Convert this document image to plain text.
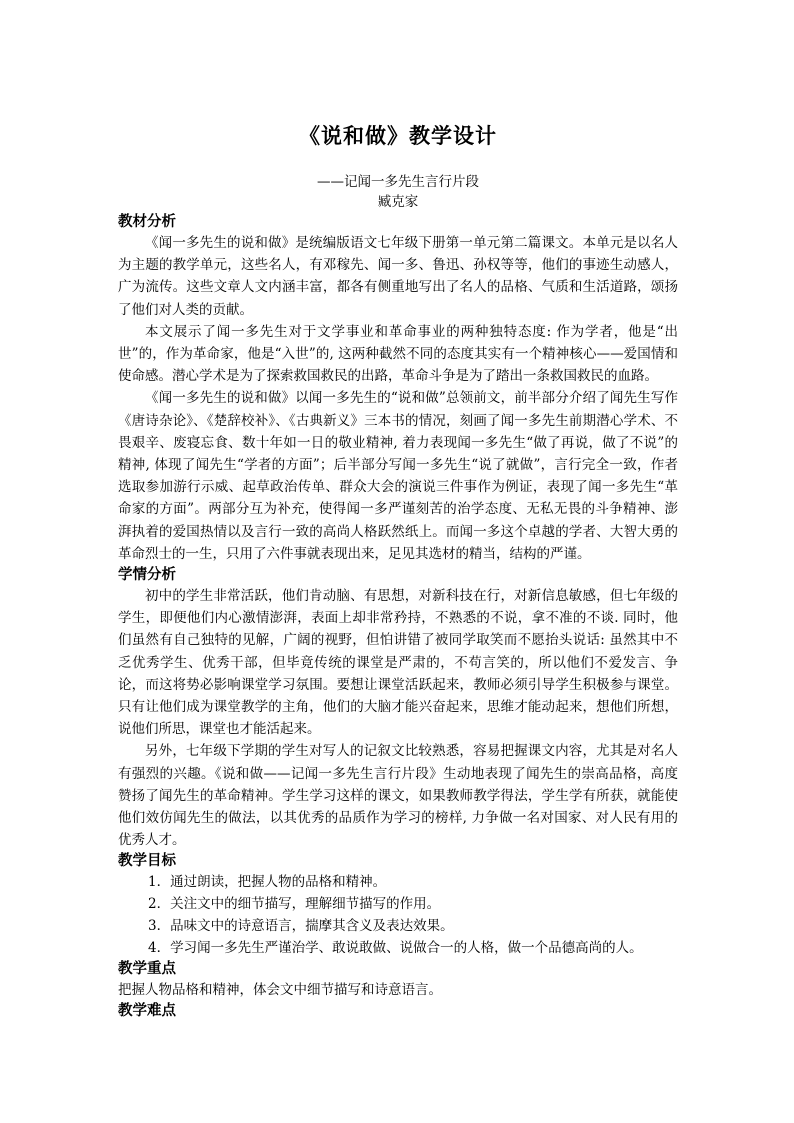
《说和做》教学设计
——记闻一多先生言行片段
臧克家
教材分析

《闻一多先生的说和做》是统编版语文七年级下册第一单元第二篇课文。本单元是以名人为主题的教学单元，这些名人，有邓稼先、闻一多、鲁迅、孙权等等，他们的事迹生动感人，广为流传。这些文章人文内涵丰富，都各有侧重地写出了名人的品格、气质和生活道路，颂扬了他们对人类的贡献。

本文展示了闻一多先生对于文学事业和革命事业的两种独特态度: 作为学者，他是“出世”的，作为革命家，他是“入世”的, 这两种截然不同的态度其实有一个精神核心——爱国情和使命感。潜心学术是为了探索救国救民的出路，革命斗争是为了踏出一条救国救民的血路。

《闻一多先生的说和做》以闻一多先生的“说和做”总领前文，前半部分介绍了闻先生写作《唐诗杂论》、《楚辞校补》、《古典新义》三本书的情况，刻画了闻一多先生前期潜心学术、不畏艰辛、废寝忘食、数十年如一日的敬业精神, 着力表现闻一多先生“做了再说，做了不说”的精神, 体现了闻先生“学者的方面”；后半部分写闻一多先生“说了就做”，言行完全一致，作者选取参加游行示威、起草政治传单、群众大会的演说三件事作为例证，表现了闻一多先生“革命家的方面”。两部分互为补充，使得闻一多严谨刻苦的治学态度、无私无畏的斗争精神、澎湃执着的爱国热情以及言行一致的高尚人格跃然纸上。而闻一多这个卓越的学者、大智大勇的革命烈士的一生，只用了六件事就表现出来，足见其选材的精当，结构的严谨。

学情分析

初中的学生非常活跃，他们肯动脑、有思想，对新科技在行，对新信息敏感，但七年级的学生，即便他们内心激情澎湃，表面上却非常矜持，不熟悉的不说，拿不准的不谈. 同时，他们虽然有自己独特的见解，广阔的视野，但怕讲错了被同学取笑而不愿抬头说话: 虽然其中不乏优秀学生、优秀干部，但毕竟传统的课堂是严肃的，不苟言笑的，所以他们不爱发言、争论，而这将势必影响课堂学习氛围。要想让课堂活跃起来，教师必须引导学生积极参与课堂。只有让他们成为课堂教学的主角，他们的大脑才能兴奋起来，思维才能动起来，想他们所想，说他们所思，课堂也才能活起来。

另外，七年级下学期的学生对写人的记叙文比较熟悉，容易把握课文内容，尤其是对名人有强烈的兴趣。《说和做——记闻一多先生言行片段》生动地表现了闻先生的崇高品格，高度赞扬了闻先生的革命精神。学生学习这样的课文，如果教师教学得法，学生学有所获，就能使他们效仿闻先生的做法，以其优秀的品质作为学习的榜样, 力争做一名对国家、对人民有用的优秀人才。

教学目标

1．通过朗读，把握人物的品格和精神。

2．关注文中的细节描写，理解细节描写的作用。

3．品味文中的诗意语言，揣摩其含义及表达效果。

4．学习闻一多先生严谨治学、敢说敢做、说做合一的人格，做一个品德高尚的人。

教学重点

把握人物品格和精神，体会文中细节描写和诗意语言。

教学难点
